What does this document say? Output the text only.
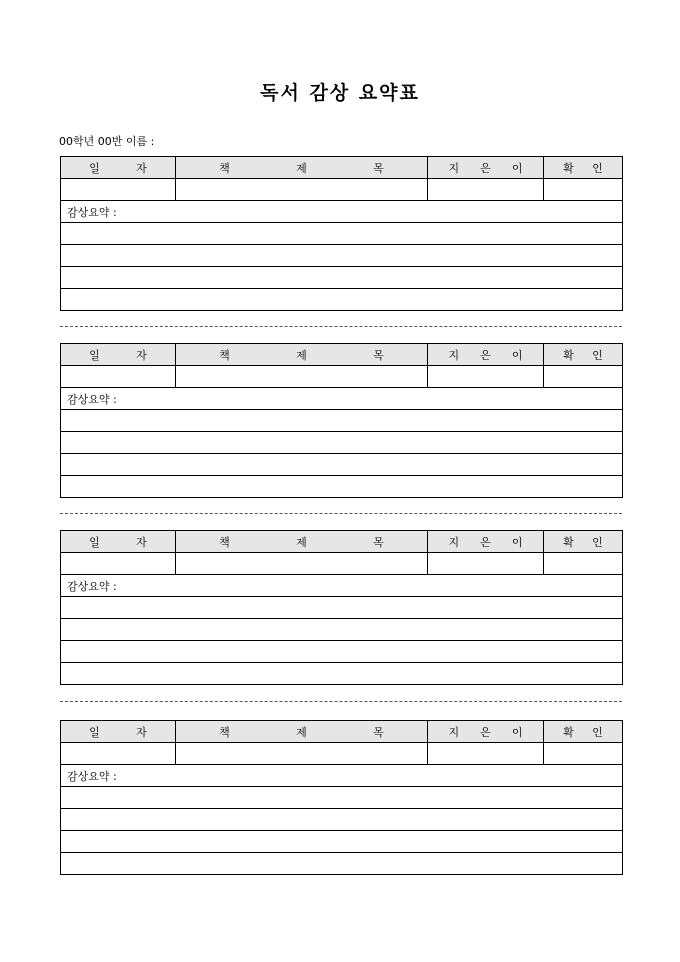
독서 감상 요약표
00학년 00반 이름 :
일 자	책 제 목	지 은 이	확 인

감상요약 :			

일 자	책 제 목	지 은 이	확 인

감상요약 :			

일 자	책 제 목	지 은 이	확 인

감상요약 :			

일 자	책 제 목	지 은 이	확 인

감상요약 :			
